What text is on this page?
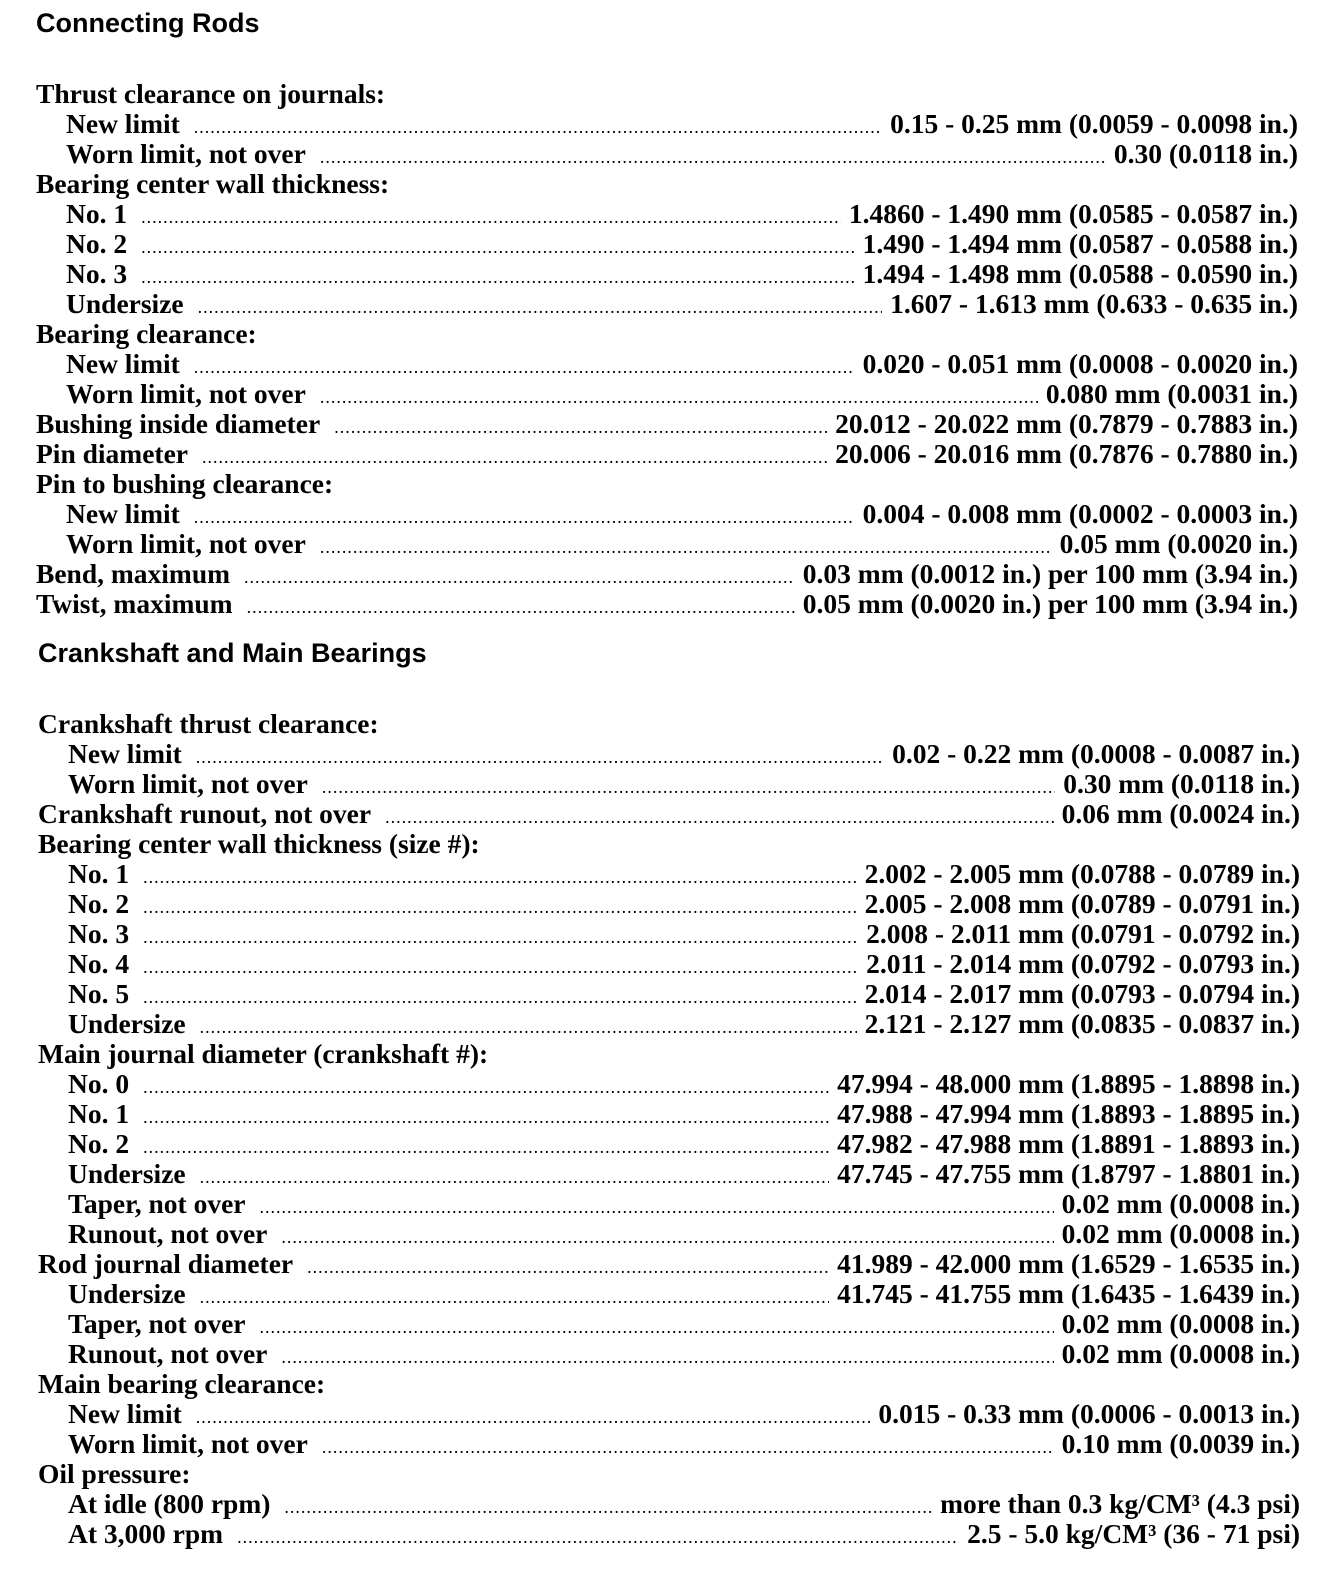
Connecting Rods
Thrust clearance on journals:
New limit .....	0.15 - 0.25 mm (0.0059 - 0.0098 in.)
Worn limit, not over .....	0.30 (0.0118 in.)
Bearing center wall thickness:
No. 1 .....	1.4860 - 1.490 mm (0.0585 - 0.0587 in.)
No. 2 .....	1.490 - 1.494 mm (0.0587 - 0.0588 in.)
No. 3 .....	1.494 - 1.498 mm (0.0588 - 0.0590 in.)
Undersize .....	1.607 - 1.613 mm (0.633 - 0.635 in.)
Bearing clearance:
New limit .....	0.020 - 0.051 mm (0.0008 - 0.0020 in.)
Worn limit, not over .....	0.080 mm (0.0031 in.)
Bushing inside diameter .....	20.012 - 20.022 mm (0.7879 - 0.7883 in.)
Pin diameter .....	20.006 - 20.016 mm (0.7876 - 0.7880 in.)
Pin to bushing clearance:
New limit .....	0.004 - 0.008 mm (0.0002 - 0.0003 in.)
Worn limit, not over .....	0.05 mm (0.0020 in.)
Bend, maximum .....	0.03 mm (0.0012 in.) per 100 mm (3.94 in.)
Twist, maximum .....	0.05 mm (0.0020 in.) per 100 mm (3.94 in.)
Crankshaft and Main Bearings
Crankshaft thrust clearance:
New limit .....	0.02 - 0.22 mm (0.0008 - 0.0087 in.)
Worn limit, not over .....	0.30 mm (0.0118 in.)
Crankshaft runout, not over .....	0.06 mm (0.0024 in.)
Bearing center wall thickness (size #):
No. 1 .....	2.002 - 2.005 mm (0.0788 - 0.0789 in.)
No. 2 .....	2.005 - 2.008 mm (0.0789 - 0.0791 in.)
No. 3 .....	2.008 - 2.011 mm (0.0791 - 0.0792 in.)
No. 4 .....	2.011 - 2.014 mm (0.0792 - 0.0793 in.)
No. 5 .....	2.014 - 2.017 mm (0.0793 - 0.0794 in.)
Undersize .....	2.121 - 2.127 mm (0.0835 - 0.0837 in.)
Main journal diameter (crankshaft #):
No. 0 .....	47.994 - 48.000 mm (1.8895 - 1.8898 in.)
No. 1 .....	47.988 - 47.994 mm (1.8893 - 1.8895 in.)
No. 2 .....	47.982 - 47.988 mm (1.8891 - 1.8893 in.)
Undersize .....	47.745 - 47.755 mm (1.8797 - 1.8801 in.)
Taper, not over .....	0.02 mm (0.0008 in.)
Runout, not over .....	0.02 mm (0.0008 in.)
Rod journal diameter .....	41.989 - 42.000 mm (1.6529 - 1.6535 in.)
Undersize .....	41.745 - 41.755 mm (1.6435 - 1.6439 in.)
Taper, not over .....	0.02 mm (0.0008 in.)
Runout, not over .....	0.02 mm (0.0008 in.)
Main bearing clearance:
New limit .....	0.015 - 0.33 mm (0.0006 - 0.0013 in.)
Worn limit, not over .....	0.10 mm (0.0039 in.)
Oil pressure:
At idle (800 rpm) .....	more than 0.3 kg/CM³ (4.3 psi)
At 3,000 rpm .....	2.5 - 5.0 kg/CM³ (36 - 71 psi)
